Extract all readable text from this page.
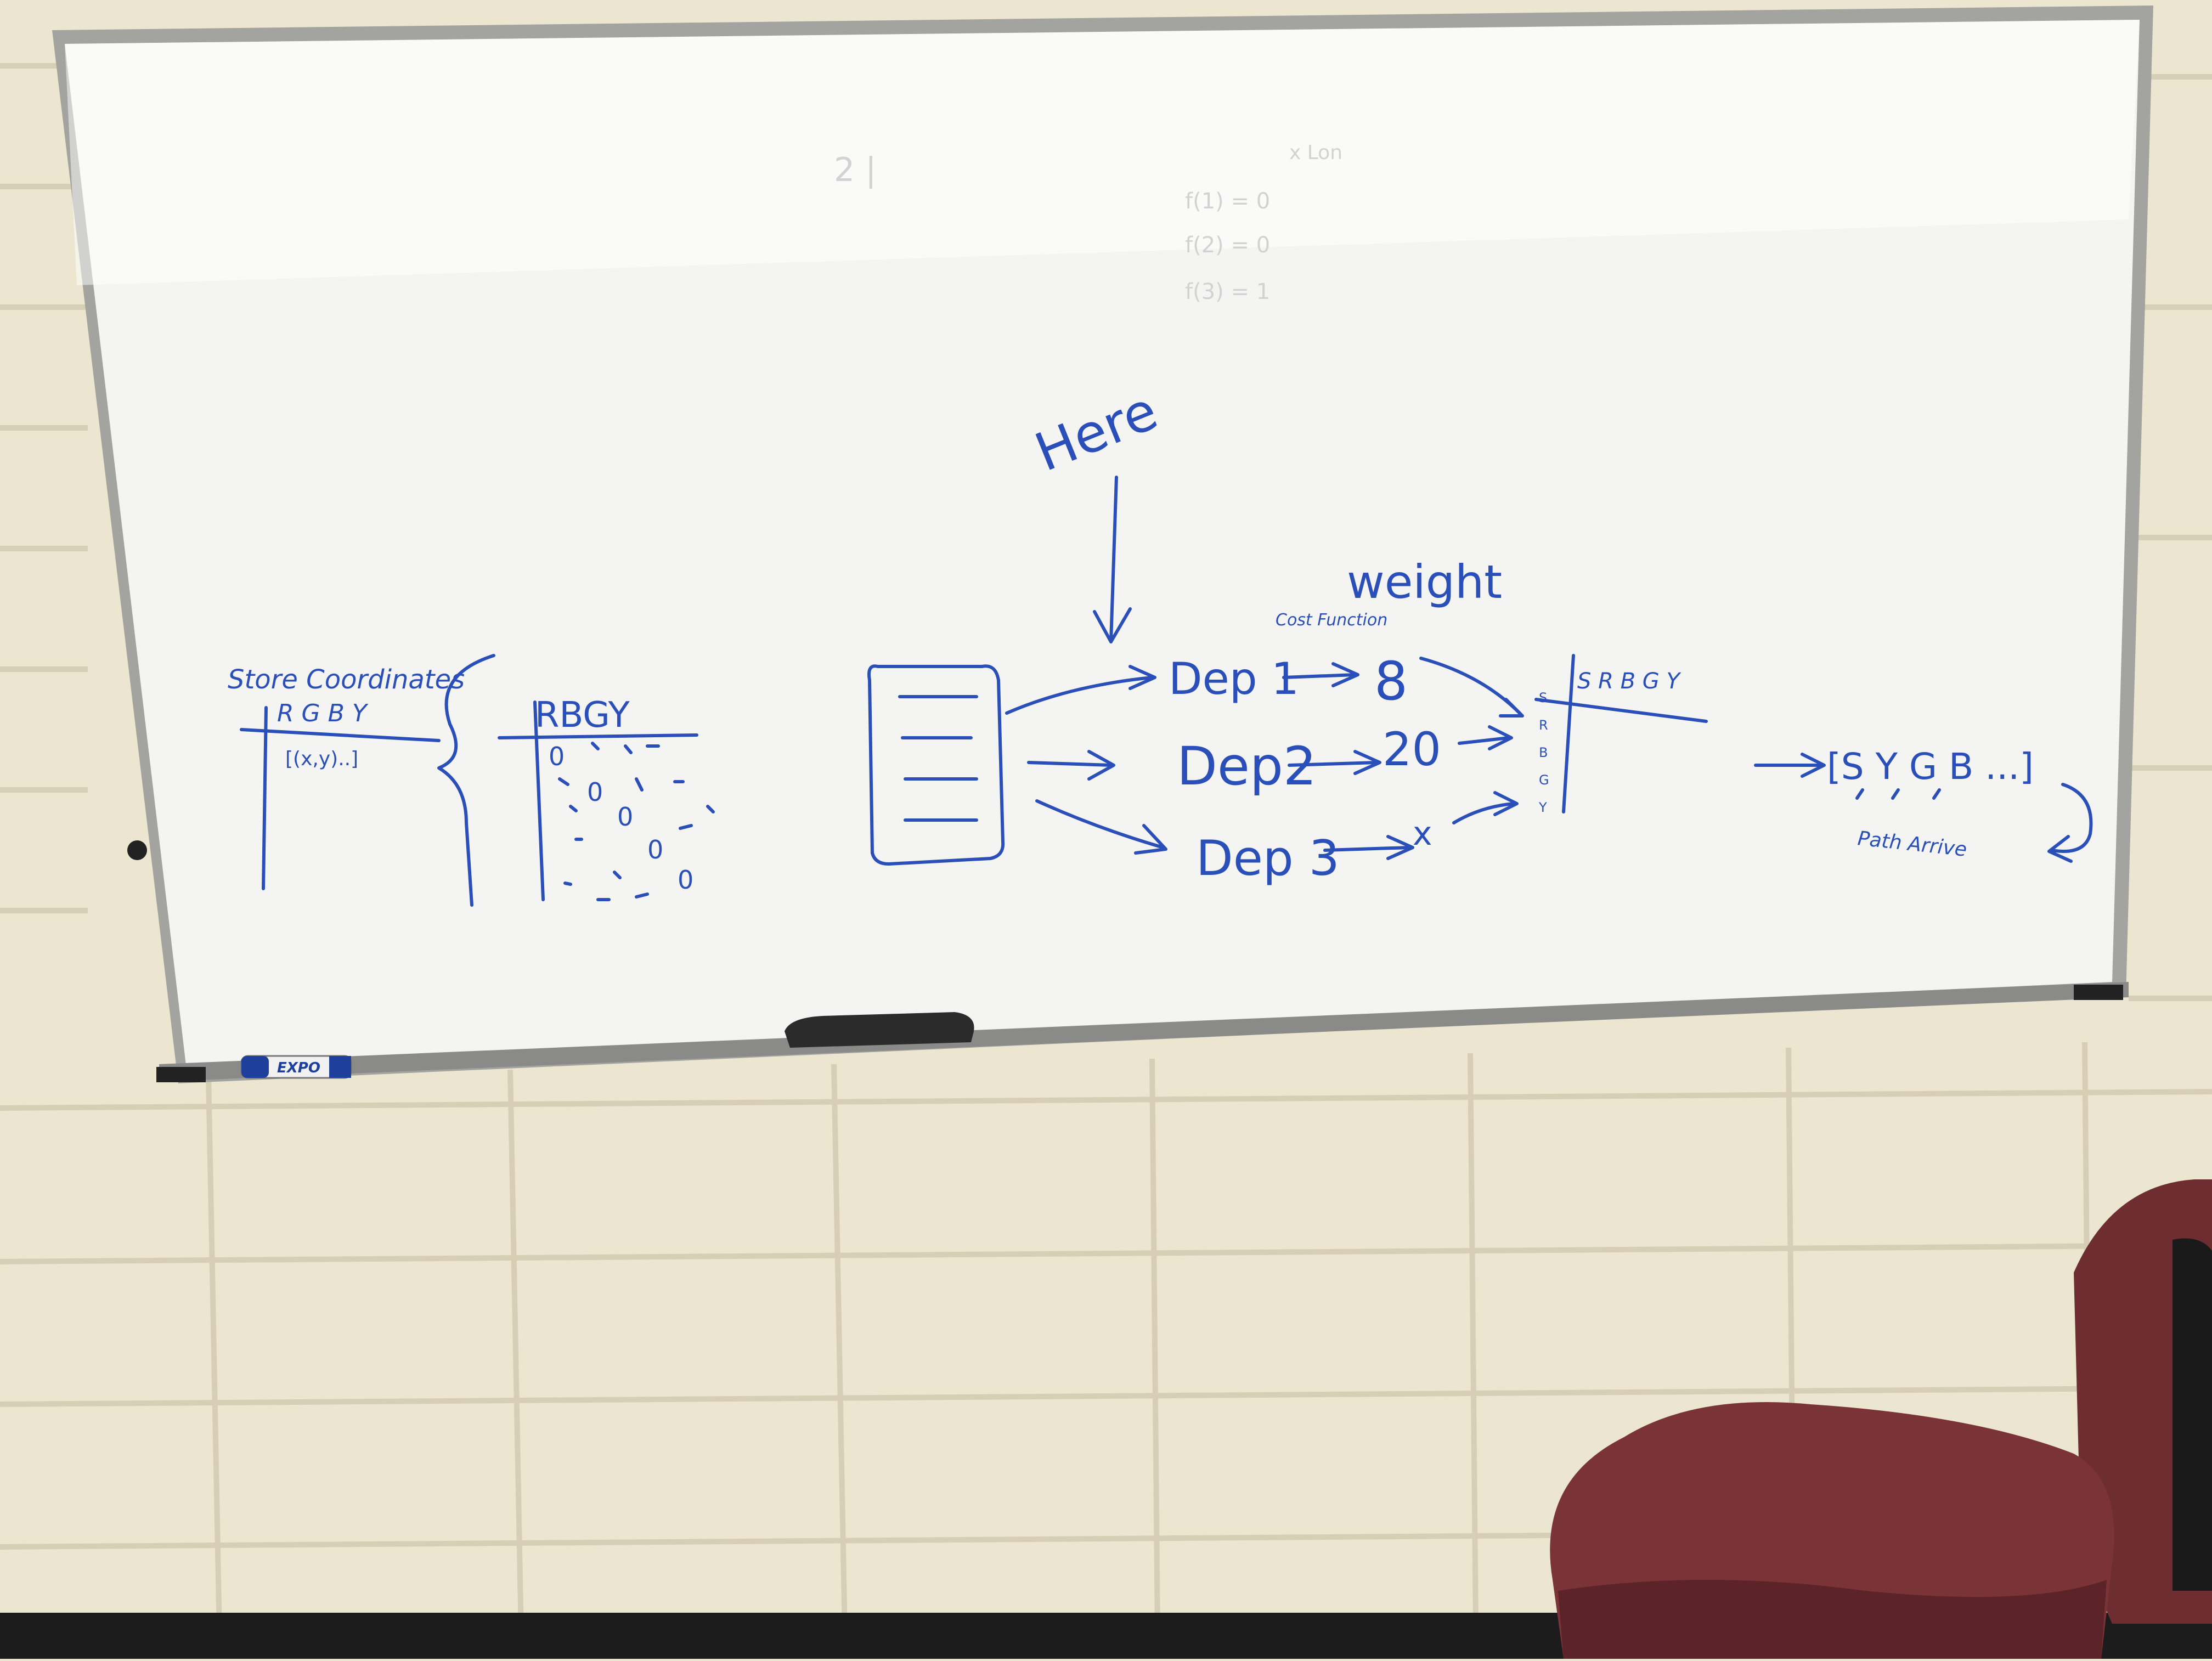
EXPO
2 |	x Lon
f(1) = 0
f(2) = 0
f(3) = 1
Store Coordinates
R G B Y
[(x,y)..]
RBGY
0
0
0
0
0
Here
weight
Cost Function
Dep 1 8
Dep2 20
Dep 3 x
S R B G Y
S
R
B
G
Y
[S Y G B ...]
Path Arrive
